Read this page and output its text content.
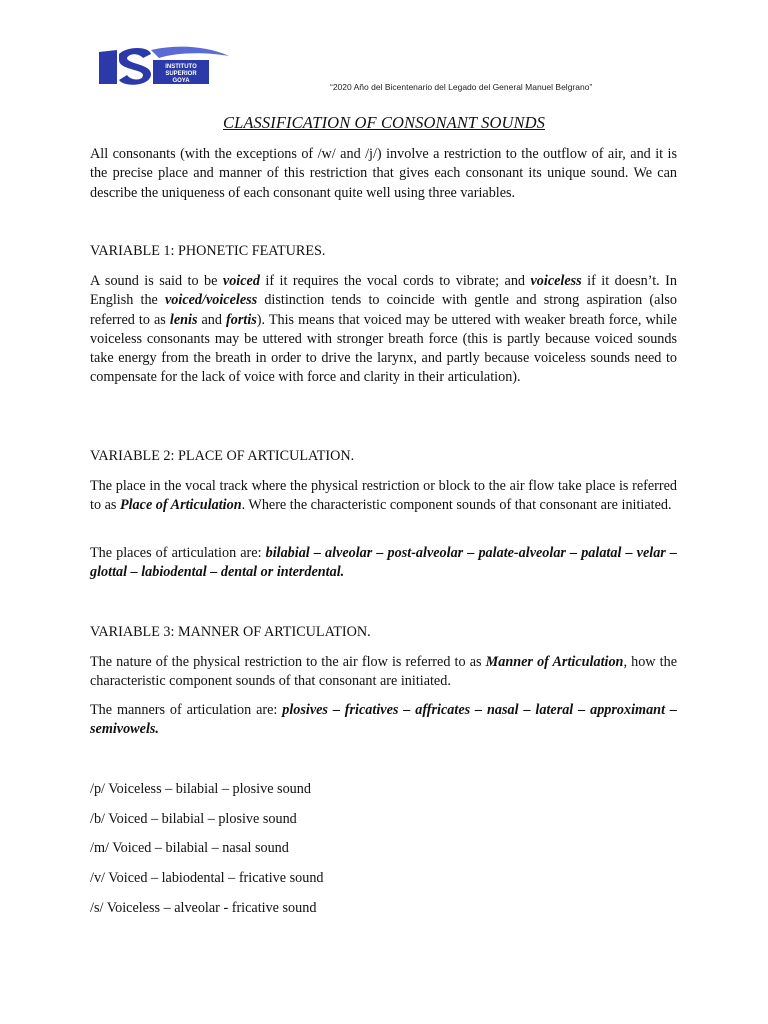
INSTITUTO
SUPERIOR
GOYA
“2020 Año del Bicentenario del Legado del General Manuel Belgrano”
CLASSIFICATION OF CONSONANT SOUNDS

All consonants (with the exceptions of /w/ and /j/) involve a restriction to the outflow of air, and it is the precise place and manner of this restriction that gives each consonant its unique sound. We can describe the uniqueness of each consonant quite well using three variables.

VARIABLE 1: PHONETIC FEATURES.

A sound is said to be voiced if it requires the vocal cords to vibrate; and voiceless if it doesn’t. In English the voiced/voiceless distinction tends to coincide with gentle and strong aspiration (also referred to as lenis and fortis). This means that voiced may be uttered with weaker breath force, while voiceless consonants may be uttered with stronger breath force (this is partly because voiced sounds take energy from the breath in order to drive the larynx, and partly because voiceless sounds need to compensate for the lack of voice with force and clarity in their articulation).

VARIABLE 2: PLACE OF ARTICULATION.

The place in the vocal track where the physical restriction or block to the air flow take place is referred to as Place of Articulation. Where the characteristic component sounds of that consonant are initiated.

The places of articulation are: bilabial – alveolar – post-alveolar – palate-alveolar – palatal – velar – glottal – labiodental – dental or interdental.

VARIABLE 3: MANNER OF ARTICULATION.

The nature of the physical restriction to the air flow is referred to as Manner of Articulation, how the characteristic component sounds of that consonant are initiated.

The manners of articulation are: plosives – fricatives – affricates – nasal – lateral – approximant – semivowels.

/p/ Voiceless – bilabial – plosive sound
/b/ Voiced – bilabial – plosive sound
/m/ Voiced – bilabial – nasal sound
/v/ Voiced – labiodental – fricative sound
/s/ Voiceless – alveolar - fricative sound
